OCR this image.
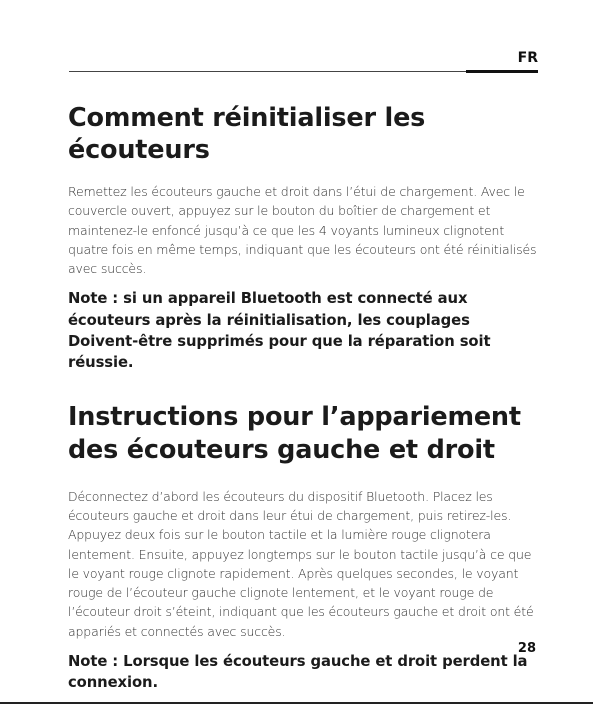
FR
Comment réinitialiser les écouteurs

Remettez les écouteurs gauche et droit dans l’étui de chargement. Avec le couvercle ouvert, appuyez sur le bouton du boîtier de chargement et maintenez-le enfoncé jusqu’à ce que les 4 voyants lumineux clignotent quatre fois en même temps, indiquant que les écouteurs ont été réinitialisés avec succès.

Note : si un appareil Bluetooth est connecté aux écouteurs après la réinitialisation, les couplages Doivent-être supprimés pour que la réparation soit réussie.

Instructions pour l’appariement des écouteurs gauche et droit

Déconnectez d’abord les écouteurs du dispositif Bluetooth. Placez les écouteurs gauche et droit dans leur étui de chargement, puis retirez-les. Appuyez deux fois sur le bouton tactile et la lumière rouge clignotera lentement. Ensuite, appuyez longtemps sur le bouton tactile jusqu’à ce que le voyant rouge clignote rapidement. Après quelques secondes, le voyant rouge de l’écouteur gauche clignote lentement, et le voyant rouge de l’écouteur droit s’éteint, indiquant que les écouteurs gauche et droit ont été appariés et connectés avec succès.

Note : Lorsque les écouteurs gauche et droit perdent la connexion.

28
